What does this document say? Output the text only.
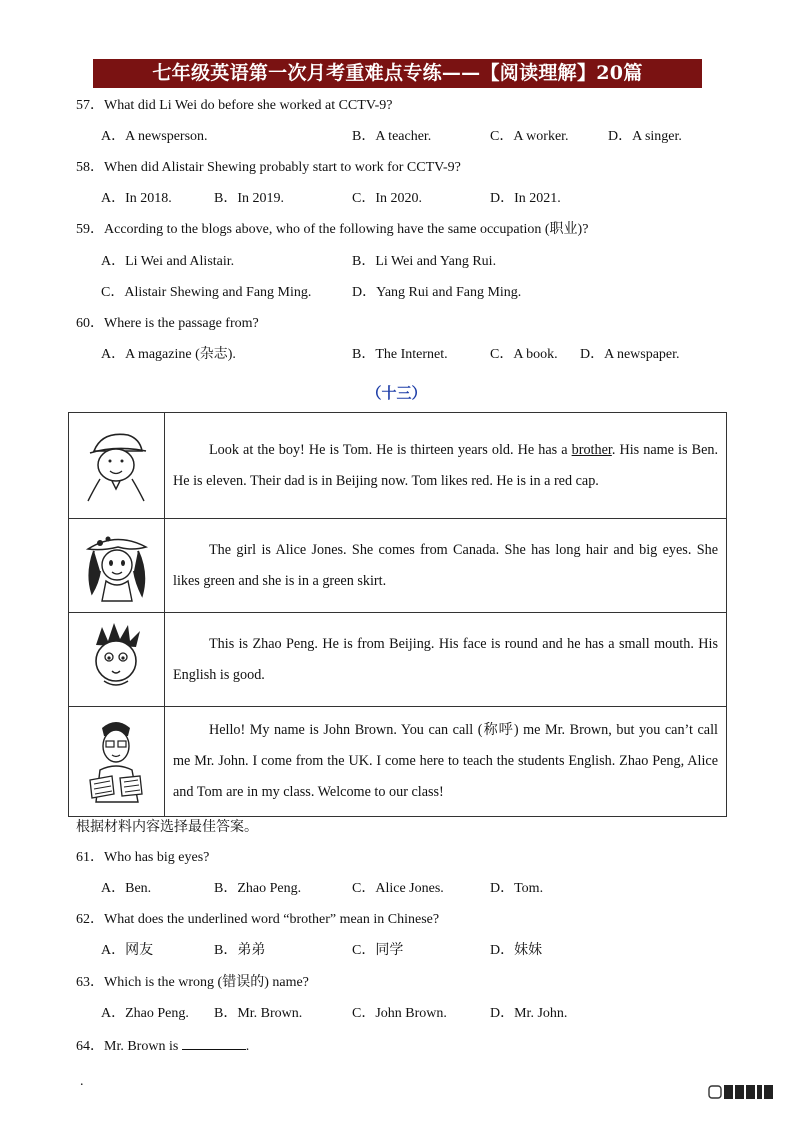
七年级英语第一次月考重难点专练——【阅读理解】20篇
57．What did Li Wei do before she worked at CCTV-9?
A．A newsperson.	B．A teacher.	C．A worker.	D．A singer.
58．When did Alistair Shewing probably start to work for CCTV-9?
A．In 2018.	B．In 2019.	C．In 2020.	D．In 2021.
59．According to the blogs above, who of the following have the same occupation (职业)?
A．Li Wei and Alistair.	B．Li Wei and Yang Rui.
C．Alistair Shewing and Fang Ming.	D．Yang Rui and Fang Ming.
60．Where is the passage from?
A．A magazine (杂志).	B．The Internet.	C．A book. D．A newspaper.
（十三）
	Look at the boy! He is Tom. He is thirteen years old. He has a brother. His name is Ben. He is eleven. Their dad is in Beijing now. Tom likes red. He is in a red cap.
	The girl is Alice Jones. She comes from Canada. She has long hair and big eyes. She likes green and she is in a green skirt.
	This is Zhao Peng. He is from Beijing. His face is round and he has a small mouth. His English is good.
	Hello! My name is John Brown. You can call (称呼) me Mr. Brown, but you can’t call me Mr. John. I come from the UK. I come here to teach the students English. Zhao Peng, Alice and Tom are in my class. Welcome to our class!
根据材料内容选择最佳答案。
61．Who has big eyes?
A．Ben.	B．Zhao Peng.	C．Alice Jones.	D．Tom.
62．What does the underlined word “brother” mean in Chinese?
A．网友	B．弟弟	C．同学	D．妹妹
63．Which is the wrong (错误的) name?
A．Zhao Peng. B．Mr. Brown.	C．John Brown.	D．Mr. John.
64．Mr. Brown is	.
.
